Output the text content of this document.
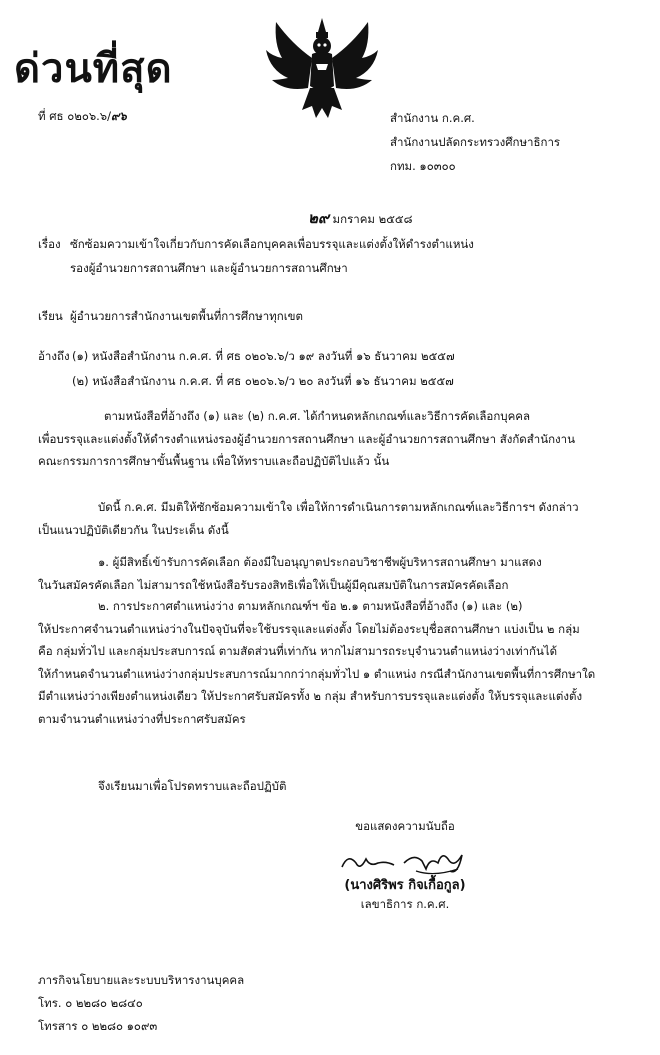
ด่วนที่สุด
ที่ ศธ ๐๒๐๖.๖/๙๖	สำนักงาน ก.ค.ศ.
สำนักงานปลัดกระทรวงศึกษาธิการ
กทม. ๑๐๓๐๐
๒๙ มกราคม ๒๕๕๘
เรื่อง ซักซ้อมความเข้าใจเกี่ยวกับการคัดเลือกบุคคลเพื่อบรรจุและแต่งตั้งให้ดำรงตำแหน่ง
รองผู้อำนวยการสถานศึกษา และผู้อำนวยการสถานศึกษา
เรียน ผู้อำนวยการสำนักงานเขตพื้นที่การศึกษาทุกเขต
อ้างถึง (๑) หนังสือสำนักงาน ก.ค.ศ. ที่ ศธ ๐๒๐๖.๖/ว ๑๙ ลงวันที่ ๑๖ ธันวาคม ๒๕๕๗
(๒) หนังสือสำนักงาน ก.ค.ศ. ที่ ศธ ๐๒๐๖.๖/ว ๒๐ ลงวันที่ ๑๖ ธันวาคม ๒๕๕๗
ตามหนังสือที่อ้างถึง (๑) และ (๒) ก.ค.ศ. ได้กำหนดหลักเกณฑ์และวิธีการคัดเลือกบุคคล
เพื่อบรรจุและแต่งตั้งให้ดำรงตำแหน่งรองผู้อำนวยการสถานศึกษา และผู้อำนวยการสถานศึกษา สังกัดสำนักงาน
คณะกรรมการการศึกษาขั้นพื้นฐาน เพื่อให้ทราบและถือปฏิบัติไปแล้ว นั้น
บัดนี้ ก.ค.ศ. มีมติให้ซักซ้อมความเข้าใจ เพื่อให้การดำเนินการตามหลักเกณฑ์และวิธีการฯ ดังกล่าว
เป็นแนวปฏิบัติเดียวกัน ในประเด็น ดังนี้
๑. ผู้มีสิทธิ์เข้ารับการคัดเลือก ต้องมีใบอนุญาตประกอบวิชาชีพผู้บริหารสถานศึกษา มาแสดง
ในวันสมัครคัดเลือก ไม่สามารถใช้หนังสือรับรองสิทธิเพื่อให้เป็นผู้มีคุณสมบัติในการสมัครคัดเลือก
๒. การประกาศตำแหน่งว่าง ตามหลักเกณฑ์ฯ ข้อ ๒.๑ ตามหนังสือที่อ้างถึง (๑) และ (๒)
ให้ประกาศจำนวนตำแหน่งว่างในปัจจุบันที่จะใช้บรรจุและแต่งตั้ง โดยไม่ต้องระบุชื่อสถานศึกษา แบ่งเป็น ๒ กลุ่ม
คือ กลุ่มทั่วไป และกลุ่มประสบการณ์ ตามสัดส่วนที่เท่ากัน หากไม่สามารถระบุจำนวนตำแหน่งว่างเท่ากันได้
ให้กำหนดจำนวนตำแหน่งว่างกลุ่มประสบการณ์มากกว่ากลุ่มทั่วไป ๑ ตำแหน่ง กรณีสำนักงานเขตพื้นที่การศึกษาใด
มีตำแหน่งว่างเพียงตำแหน่งเดียว ให้ประกาศรับสมัครทั้ง ๒ กลุ่ม สำหรับการบรรจุและแต่งตั้ง ให้บรรจุและแต่งตั้ง
ตามจำนวนตำแหน่งว่างที่ประกาศรับสมัคร
จึงเรียนมาเพื่อโปรดทราบและถือปฏิบัติ
ขอแสดงความนับถือ
(นางศิริพร กิจเกื้อกูล)
เลขาธิการ ก.ค.ศ.
ภารกิจนโยบายและระบบบริหารงานบุคคล
โทร. ๐ ๒๒๘๐ ๒๘๔๐
โทรสาร ๐ ๒๒๘๐ ๑๐๙๓
